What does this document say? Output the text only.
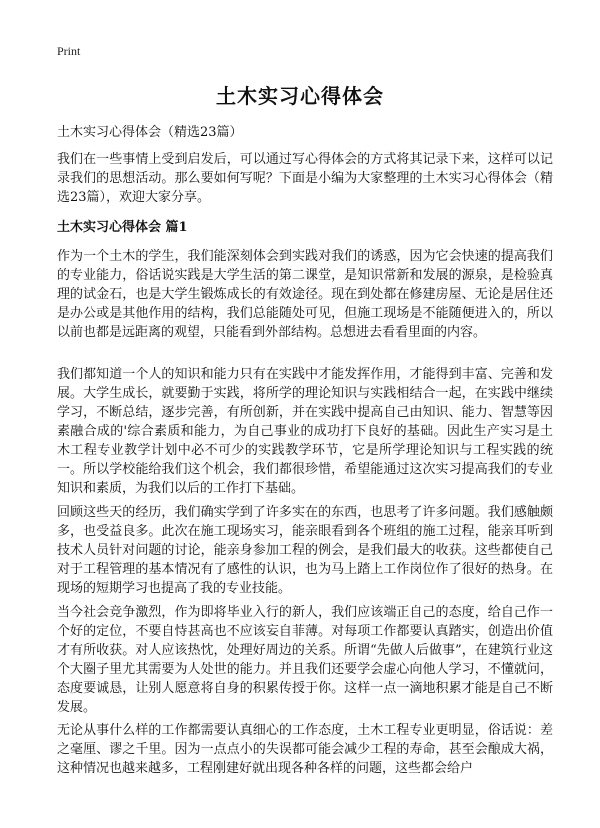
Print
土木实习心得体会

土木实习心得体会（精选23篇）

我们在一些事情上受到启发后，可以通过写心得体会的方式将其记录下来，这样可以记录我们的思想活动。那么要如何写呢？下面是小编为大家整理的土木实习心得体会（精选23篇），欢迎大家分享。

土木实习心得体会 篇1

作为一个土木的学生，我们能深刻体会到实践对我们的诱惑，因为它会快速的提高我们的专业能力，俗话说实践是大学生活的第二课堂，是知识常新和发展的源泉，是检验真理的试金石，也是大学生锻炼成长的有效途径。现在到处都在修建房屋、无论是居住还是办公或是其他作用的结构，我们总能随处可见，但施工现场是不能随便进入的，所以以前也都是远距离的观望，只能看到外部结构。总想进去看看里面的内容。

我们都知道一个人的知识和能力只有在实践中才能发挥作用，才能得到丰富、完善和发展。大学生成长，就要勤于实践，将所学的理论知识与实践相结合一起，在实践中继续学习，不断总结，逐步完善，有所创新，并在实践中提高自己由知识、能力、智慧等因素融合成的'综合素质和能力，为自己事业的成功打下良好的基础。因此生产实习是土木工程专业教学计划中必不可少的实践教学环节，它是所学理论知识与工程实践的统一。所以学校能给我们这个机会，我们都很珍惜，希望能通过这次实习提高我们的专业知识和素质，为我们以后的工作打下基础。

回顾这些天的经历，我们确实学到了许多实在的东西，也思考了许多问题。我们感触颇多，也受益良多。此次在施工现场实习，能亲眼看到各个班组的施工过程，能亲耳听到技术人员针对问题的讨论，能亲身参加工程的例会，是我们最大的收获。这些都使自己对于工程管理的基本情况有了感性的认识，也为马上踏上工作岗位作了很好的热身。在现场的短期学习也提高了我的专业技能。

当今社会竞争激烈，作为即将毕业入行的新人，我们应该端正自己的态度，给自己作一个好的定位，不要自恃甚高也不应该妄自菲薄。对每项工作都要认真踏实，创造出价值才有所收获。对人应该热忱，处理好周边的关系。所谓“先做人后做事”，在建筑行业这个大圈子里尤其需要为人处世的能力。并且我们还要学会虚心向他人学习，不懂就问，态度要诚恳，让别人愿意将自身的积累传授于你。这样一点一滴地积累才能是自己不断发展。

无论从事什么样的工作都需要认真细心的工作态度，土木工程专业更明显，俗话说：差之毫厘、谬之千里。因为一点点小的失误都可能会减少工程的寿命，甚至会酿成大祸，这种情况也越来越多，工程刚建好就出现各种各样的问题，这些都会给户
